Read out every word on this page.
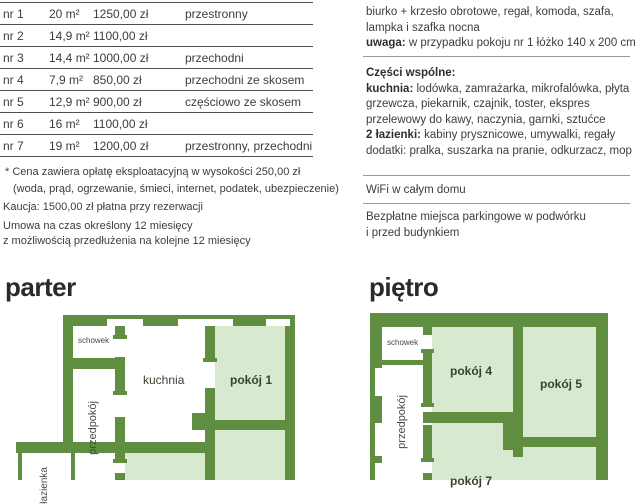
nr 1	20 m²	1250,00 zł	przestronny
nr 2	14,9 m² 1100,00 zł
nr 3	14,4 m² 1000,00 zł	przechodni
nr 4	7,9 m² 850,00 zł	przechodni ze skosem
nr 5	12,9 m² 900,00 zł	częściowo ze skosem
nr 6	16 m²	1100,00 zł
nr 7	19 m²	1200,00 zł	przestronny, przechodni
* Cena zawiera opłatę eksploatacyjną w wysokości 250,00 zł
(woda, prąd, ogrzewanie, śmieci, internet, podatek, ubezpieczenie)
Kaucja: 1500,00 zł płatna przy rezerwacji
Umowa na czas określony 12 miesięcy
z możliwością przedłużenia na kolejne 12 miesięcy

biurko + krzesło obrotowe, regał, komoda, szafa,

lampka i szafka nocna

uwaga: w przypadku pokoju nr 1 łóżko 140 x 200 cm

Części wspólne:

kuchnia: lodówka, zamrażarka, mikrofalówka, płyta grzewcza, piekarnik, czajnik, toster, ekspres przelewowy do kawy, naczynia, garnki, sztućce

2 łazienki: kabiny prysznicowe, umywalki, regały

dodatki: pralka, suszarka na pranie, odkurzacz, mop

WiFi w całym domu

Bezpłatne miejsca parkingowe w podwórku

i przed budynkiem

parter	piętro
schowek
przedpokój
kuchnia	pokój 1
łazienka
schowek
przedpokój
pokój 4
pokój 5
pokój 7
